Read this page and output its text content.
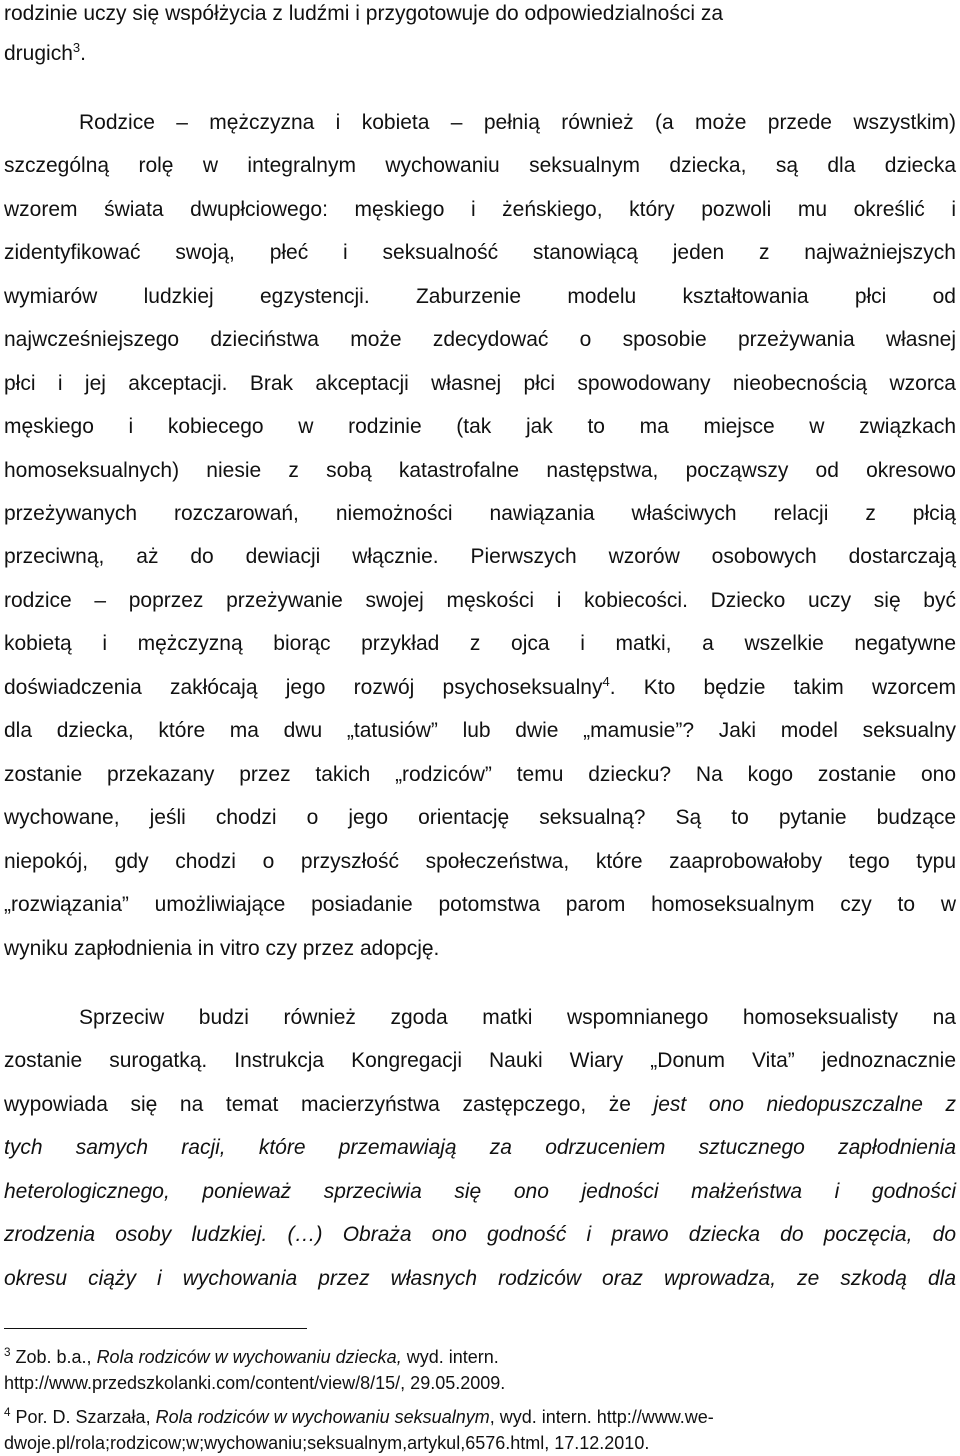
rodzinie uczy się współżycia z ludźmi i przygotowuje do odpowiedzialności za

drugich$^3$.

Rodzice – mężczyzna i kobieta – pełnią również (a może przede wszystkim)

szczególną rolę w integralnym wychowaniu seksualnym dziecka, są dla dziecka

wzorem świata dwupłciowego: męskiego i żeńskiego, który pozwoli mu określić i

zidentyfikować swoją, płeć i seksualność stanowiącą jeden z najważniejszych

wymiarów ludzkiej egzystencji. Zaburzenie modelu kształtowania płci od

najwcześniejszego dzieciństwa może zdecydować o sposobie przeżywania własnej

płci i jej akceptacji. Brak akceptacji własnej płci spowodowany nieobecnością wzorca

męskiego i kobiecego w rodzinie (tak jak to ma miejsce w związkach

homoseksualnych) niesie z sobą katastrofalne następstwa, począwszy od okresowo

przeżywanych rozczarowań, niemożności nawiązania właściwych relacji z płcią

przeciwną, aż do dewiacji włącznie. Pierwszych wzorów osobowych dostarczają

rodzice – poprzez przeżywanie swojej męskości i kobiecości. Dziecko uczy się być

kobietą i mężczyzną biorąc przykład z ojca i matki, a wszelkie negatywne

doświadczenia zakłócają jego rozwój psychoseksualny$^4$. Kto będzie takim wzorcem

dla dziecka, które ma dwu „tatusiów” lub dwie „mamusie”? Jaki model seksualny

zostanie przekazany przez takich „rodziców” temu dziecku? Na kogo zostanie ono

wychowane, jeśli chodzi o jego orientację seksualną? Są to pytanie budzące

niepokój, gdy chodzi o przyszłość społeczeństwa, które zaaprobowałoby tego typu

„rozwiązania” umożliwiające posiadanie potomstwa parom homoseksualnym czy to w

wyniku zapłodnienia in vitro czy przez adopcję.

Sprzeciw budzi również zgoda matki wspomnianego homoseksualisty na

zostanie surogatką. Instrukcja Kongregacji Nauki Wiary „Donum Vita” jednoznacznie

wypowiada się na temat macierzyństwa zastępczego, że jest ono niedopuszczalne z

tych samych racji, które przemawiają za odrzuceniem sztucznego zapłodnienia

heterologicznego, ponieważ sprzeciwia się ono jedności małżeństwa i godności

zrodzenia osoby ludzkiej. (…) Obraża ono godność i prawo dziecka do poczęcia, do

okresu ciąży i wychowania przez własnych rodziców oraz wprowadza, ze szkodą dla

$^3$ Zob. b.a., Rola rodziców w wychowaniu dziecka, wyd. intern.
http://www.przedszkolanki.com/content/view/8/15/, 29.05.2009.
$^4$ Por. D. Szarzała, Rola rodziców w wychowaniu seksualnym, wyd. intern. http://www.we-
dwoje.pl/rola;rodzicow;w;wychowaniu;seksualnym,artykul,6576.html, 17.12.2010.
